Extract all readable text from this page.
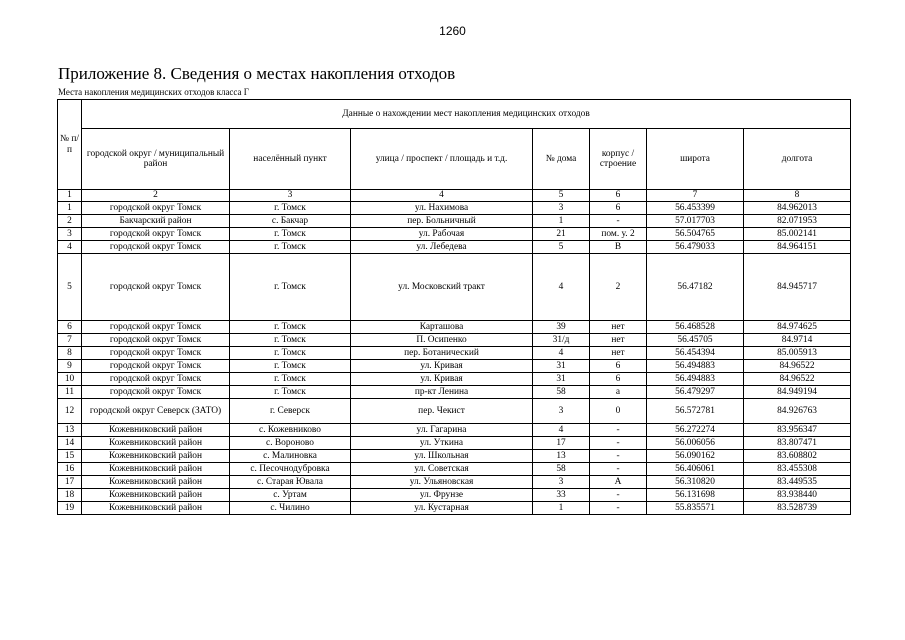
1260
Приложение 8. Сведения о местах накопления отходов
Места накопления медицинских отходов класса Г
№ п/п	Данные о нахождении мест накопления медицинских отходов						
	городской округ / муниципальный район	населённый пункт	улица / проспект / площадь и т.д.	№ дома	корпус / строение	широта	долгота
1	2	3	4	5	6	7	8
1	городской округ Томск	г. Томск	ул. Нахимова	3	6	56.453399	84.962013
2	Бакчарский район	с. Бакчар	пер. Больничный	1	-	57.017703	82.071953
3	городской округ Томск	г. Томск	ул. Рабочая	21	пом. у. 2	56.504765	85.002141
4	городской округ Томск	г. Томск	ул. Лебедева	5	В	56.479033	84.964151
5	городской округ Томск	г. Томск	ул. Московский тракт	4	2	56.47182	84.945717
6	городской округ Томск	г. Томск	Карташова	39	нет	56.468528	84.974625
7	городской округ Томск	г. Томск	П. Осипенко	31/д	нет	56.45705	84.9714
8	городской округ Томск	г. Томск	пер. Ботанический	4	нет	56.454394	85.005913
9	городской округ Томск	г. Томск	ул. Кривая	31	6	56.494883	84.96522
10	городской округ Томск	г. Томск	ул. Кривая	31	6	56.494883	84.96522
11	городской округ Томск	г. Томск	пр-кт Ленина	58	а	56.479297	84.949194
12	городской округ Северск (ЗАТО)	г. Северск	пер. Чекист	3	0	56.572781	84.926763
13	Кожевниковский район	с. Кожевниково	ул. Гагарина	4	-	56.272274	83.956347
14	Кожевниковский район	с. Вороново	ул. Уткина	17	-	56.006056	83.807471
15	Кожевниковский район	с. Малиновка	ул. Школьная	13	-	56.090162	83.608802
16	Кожевниковский район	с. Песочнодубровка	ул. Советская	58	-	56.406061	83.455308
17	Кожевниковский район	с. Старая Ювала	ул. Ульяновская	3	А	56.310820	83.449535
18	Кожевниковский район	с. Уртам	ул. Фрунзе	33	-	56.131698	83.938440
19	Кожевниковский район	с. Чилино	ул. Кустарная	1	-	55.835571	83.528739
